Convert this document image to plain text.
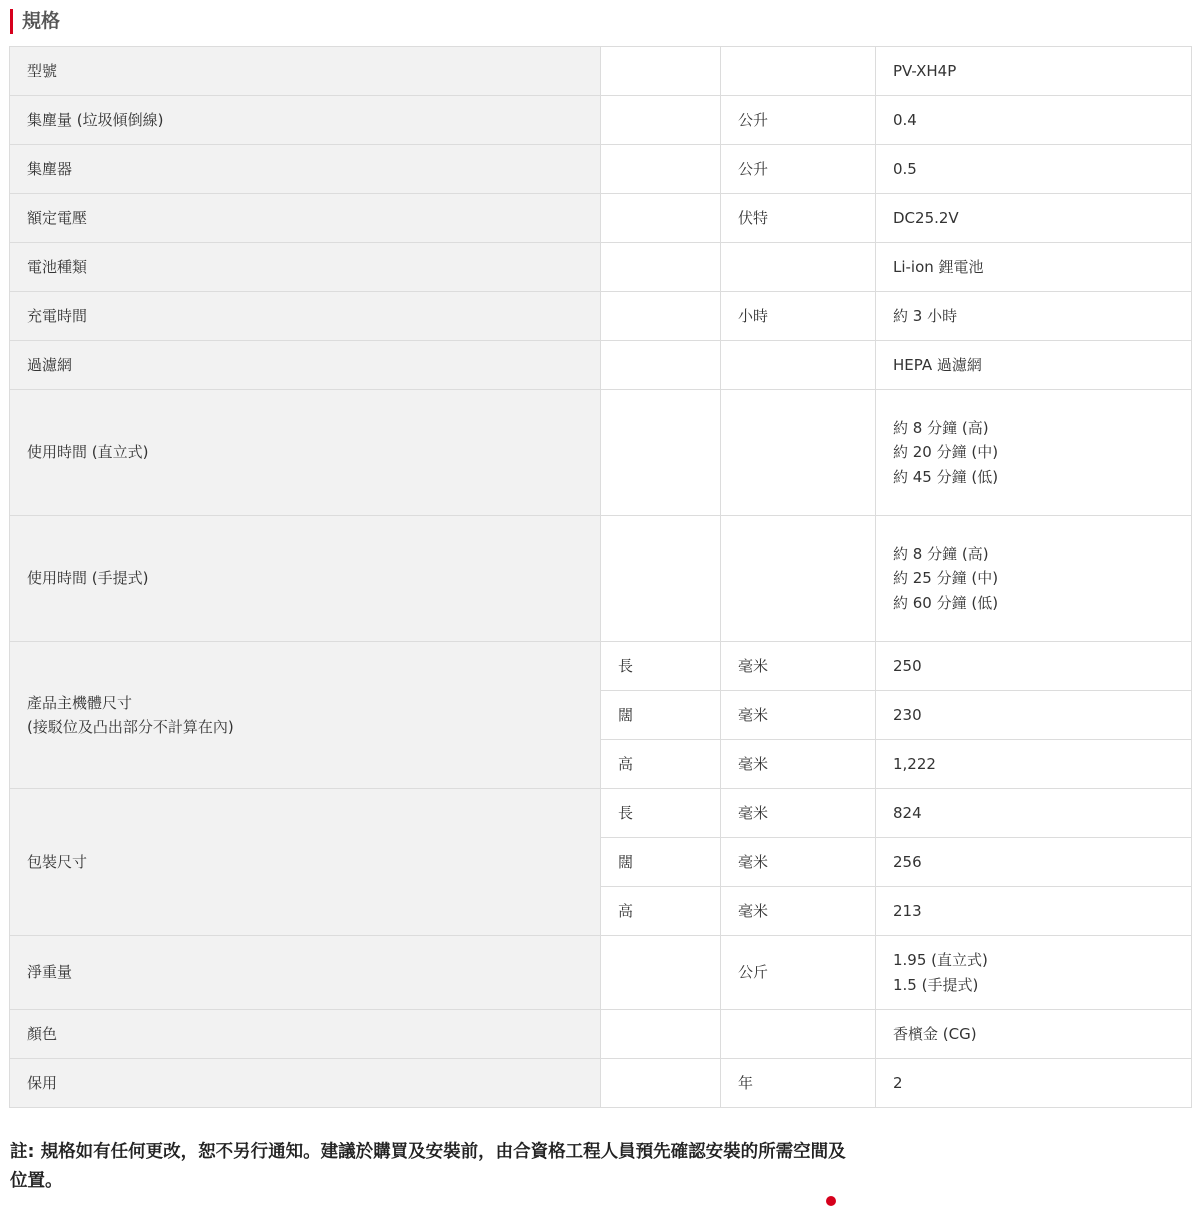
規格
型號			PV-XH4P
集塵量 (垃圾傾倒線)		公升	0.4
集塵器		公升	0.5
額定電壓		伏特	DC25.2V
電池種類			Li-ion 鋰電池
充電時間		小時	約 3 小時
過濾網			HEPA 過濾網
使用時間 (直立式)			約 8 分鐘 (高)
約 20 分鐘 (中)
約 45 分鐘 (低)
使用時間 (手提式)			約 8 分鐘 (高)
約 25 分鐘 (中)
約 60 分鐘 (低)
產品主機體尺寸
(接駁位及凸出部分不計算在內)	長	毫米	250
	闊	毫米	230
	高	毫米	1,222
包裝尺寸	長	毫米	824
	闊	毫米	256
	高	毫米	213
淨重量		公斤	1.95 (直立式)
1.5 (手提式)
顏色			香檳金 (CG)
保用		年	2
註: 規格如有任何更改，恕不另行通知。建議於購買及安裝前，由合資格工程人員預先確認安裝的所需空間及位置。
